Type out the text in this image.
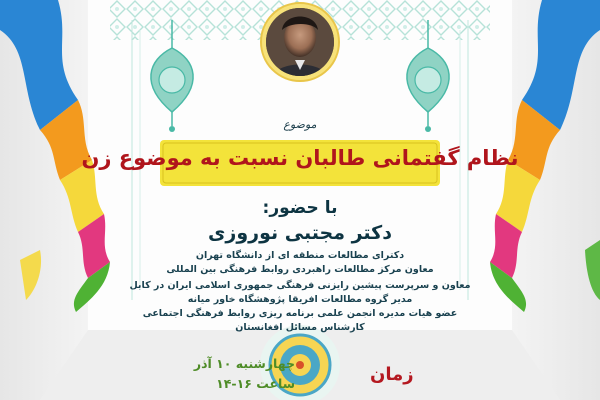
موضوع
نظام گفتمانی طالبان نسبت به موضوع زن
با حضور:
دکتر مجتبی نوروزی
دکترای مطالعات منطقه ای از دانشگاه تهران
معاون مرکز مطالعات راهبردی روابط فرهنگی بین المللی
معاون و سرپرست پیشین رایزنی فرهنگی جمهوری اسلامی ایران در کابل
مدیر گروه مطالعات افریقا پژوهشگاه خاور میانه
عضو هیات مدیره انجمن علمی برنامه ریزی روابط فرهنگی اجتماعی
کارشناس مسائل افغانستان
زمان
چهارشنبه ۱۰ آذر
ساعت ۱۶-۱۴
